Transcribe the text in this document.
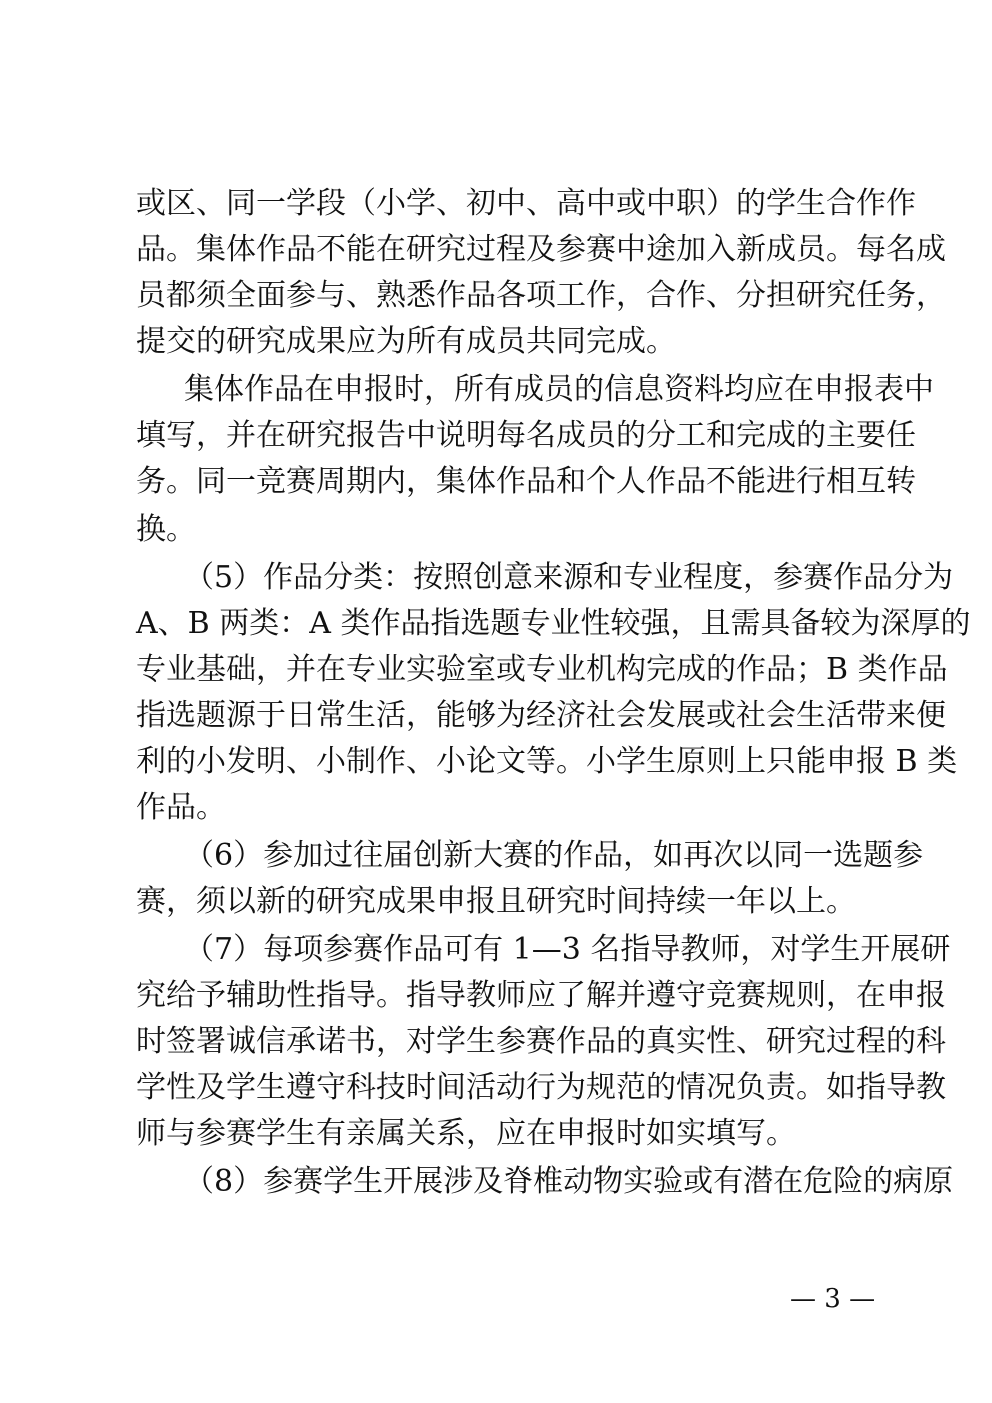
或区、同一学段（小学、初中、高中或中职）的学生合作作
品。集体作品不能在研究过程及参赛中途加入新成员。每名成
员都须全面参与、熟悉作品各项工作，合作、分担研究任务，
提交的研究成果应为所有成员共同完成。
集体作品在申报时，所有成员的信息资料均应在申报表中
填写，并在研究报告中说明每名成员的分工和完成的主要任
务。同一竞赛周期内，集体作品和个人作品不能进行相互转
换。
（5）作品分类：按照创意来源和专业程度，参赛作品分为
A、B 两类：A 类作品指选题专业性较强，且需具备较为深厚的
专业基础，并在专业实验室或专业机构完成的作品；B 类作品
指选题源于日常生活，能够为经济社会发展或社会生活带来便
利的小发明、小制作、小论文等。小学生原则上只能申报 B 类
作品。
（6）参加过往届创新大赛的作品，如再次以同一选题参
赛，须以新的研究成果申报且研究时间持续一年以上。
（7）每项参赛作品可有 1—3 名指导教师，对学生开展研
究给予辅助性指导。指导教师应了解并遵守竞赛规则，在申报
时签署诚信承诺书，对学生参赛作品的真实性、研究过程的科
学性及学生遵守科技时间活动行为规范的情况负责。如指导教
师与参赛学生有亲属关系，应在申报时如实填写。
（8）参赛学生开展涉及脊椎动物实验或有潜在危险的病原
— 3 —
